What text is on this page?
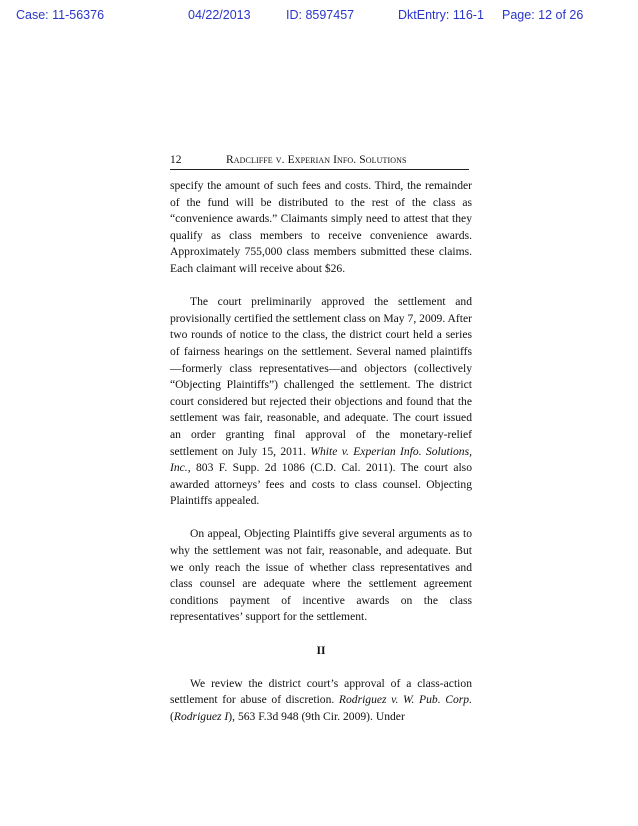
Case: 11-56376	04/22/2013	ID: 8597457	DktEntry: 116-1 Page: 12 of 26
12	Radcliffe v. Experian Info. Solutions

specify the amount of such fees and costs. Third, the remainder of the fund will be distributed to the rest of the class as “convenience awards.” Claimants simply need to attest that they qualify as class members to receive convenience awards. Approximately 755,000 class members submitted these claims. Each claimant will receive about $26.

The court preliminarily approved the settlement and provisionally certified the settlement class on May 7, 2009. After two rounds of notice to the class, the district court held a series of fairness hearings on the settlement. Several named plaintiffs—formerly class representatives—and objectors (collectively “Objecting Plaintiffs”) challenged the settlement. The district court considered but rejected their objections and found that the settlement was fair, reasonable, and adequate. The court issued an order granting final approval of the monetary-relief settlement on July 15, 2011. White v. Experian Info. Solutions, Inc., 803 F. Supp. 2d 1086 (C.D. Cal. 2011). The court also awarded attorneys’ fees and costs to class counsel. Objecting Plaintiffs appealed.

On appeal, Objecting Plaintiffs give several arguments as to why the settlement was not fair, reasonable, and adequate. But we only reach the issue of whether class representatives and class counsel are adequate where the settlement agreement conditions payment of incentive awards on the class representatives’ support for the settlement.

II

We review the district court’s approval of a class-action settlement for abuse of discretion. Rodriguez v. W. Pub. Corp. (Rodriguez I), 563 F.3d 948 (9th Cir. 2009). Under
